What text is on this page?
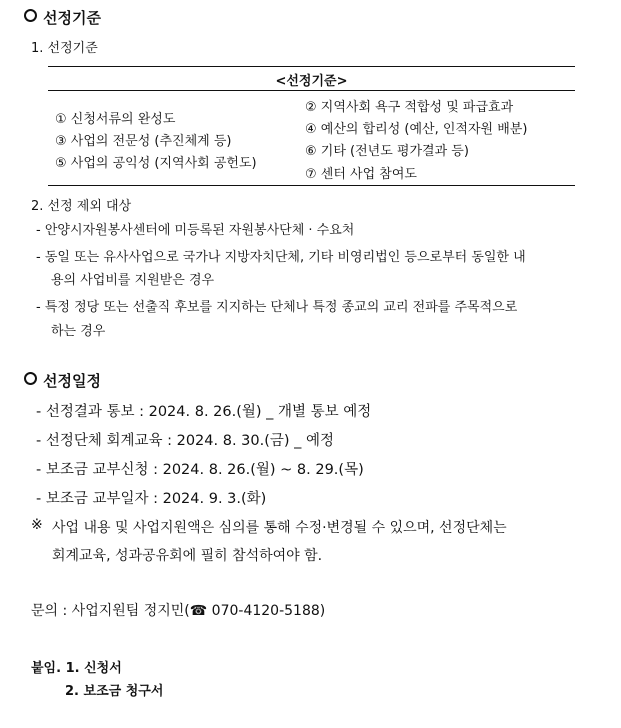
선정기준
1. 선정기준
<선정기준>
① 신청서류의 완성도
③ 사업의 전문성 (추진체계 등)
⑤ 사업의 공익성 (지역사회 공헌도)
② 지역사회 욕구 적합성 및 파급효과
④ 예산의 합리성 (예산, 인적자원 배분)
⑥ 기타 (전년도 평가결과 등)
⑦ 센터 사업 참여도
2. 선정 제외 대상
- 안양시자원봉사센터에 미등록된 자원봉사단체 · 수요처
- 동일 또는 유사사업으로 국가나 지방자치단체, 기타 비영리법인 등으로부터 동일한 내
용의 사업비를 지원받은 경우
- 특정 정당 또는 선출직 후보를 지지하는 단체나 특정 종교의 교리 전파를 주목적으로
하는 경우
선정일정
- 선정결과 통보 : 2024. 8. 26.(월) _ 개별 통보 예정
- 선정단체 회계교육 : 2024. 8. 30.(금) _ 예정
- 보조금 교부신청 : 2024. 8. 26.(월) ~ 8. 29.(목)
- 보조금 교부일자 : 2024. 9. 3.(화)
※ 사업 내용 및 사업지원액은 심의를 통해 수정·변경될 수 있으며, 선정단체는
회계교육, 성과공유회에 필히 참석하여야 함.
문의 : 사업지원팀 정지민(☎ 070-4120-5188)
붙임. 1. 신청서
2. 보조금 청구서
